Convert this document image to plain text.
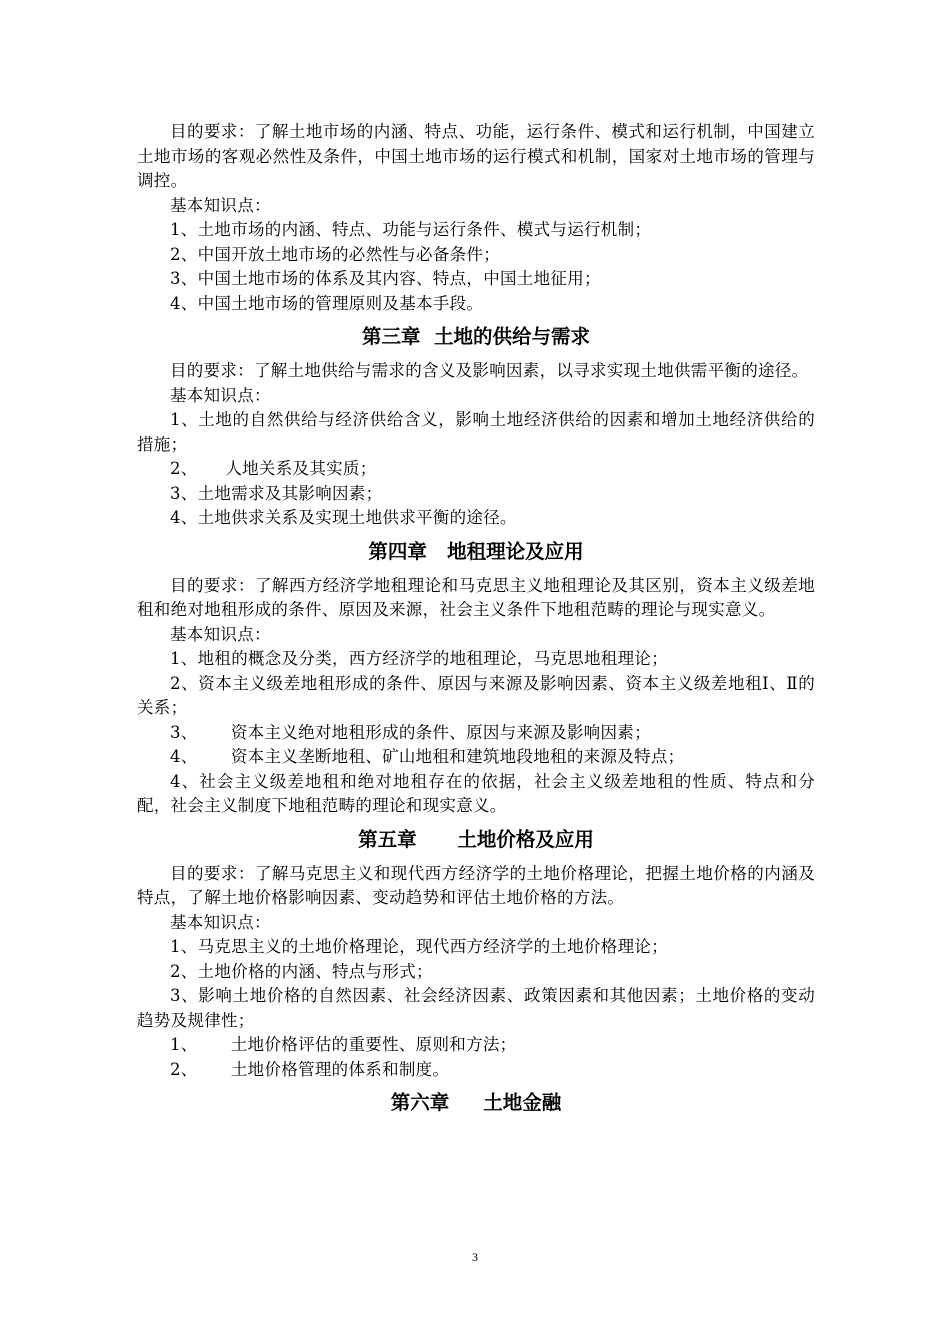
目的要求：了解土地市场的内涵、特点、功能，运行条件、模式和运行机制，中国建立土地市场的客观必然性及条件，中国土地市场的运行模式和机制，国家对土地市场的管理与调控。

基本知识点：

1、土地市场的内涵、特点、功能与运行条件、模式与运行机制；

2、中国开放土地市场的必然性与必备条件；

3、中国土地市场的体系及其内容、特点，中国土地征用；

4、中国土地市场的管理原则及基本手段。

第三章  土地的供给与需求

目的要求：了解土地供给与需求的含义及影响因素，以寻求实现土地供需平衡的途径。

基本知识点：

1、土地的自然供给与经济供给含义，影响土地经济供给的因素和增加土地经济供给的措施；

2、     人地关系及其实质；

3、土地需求及其影响因素；

4、土地供求关系及实现土地供求平衡的途径。

第四章   地租理论及应用

目的要求：了解西方经济学地租理论和马克思主义地租理论及其区别，资本主义级差地租和绝对地租形成的条件、原因及来源，社会主义条件下地租范畴的理论与现实意义。

基本知识点：

1、地租的概念及分类，西方经济学的地租理论，马克思地租理论；

2、资本主义级差地租形成的条件、原因与来源及影响因素、资本主义级差地租Ⅰ、Ⅱ的关系；

3、      资本主义绝对地租形成的条件、原因与来源及影响因素；

4、      资本主义垄断地租、矿山地租和建筑地段地租的来源及特点；

4、社会主义级差地租和绝对地租存在的依据，社会主义级差地租的性质、特点和分配，社会主义制度下地租范畴的理论和现实意义。

第五章      土地价格及应用

目的要求：了解马克思主义和现代西方经济学的土地价格理论，把握土地价格的内涵及特点，了解土地价格影响因素、变动趋势和评估土地价格的方法。

基本知识点：

1、马克思主义的土地价格理论，现代西方经济学的土地价格理论；

2、土地价格的内涵、特点与形式；

3、影响土地价格的自然因素、社会经济因素、政策因素和其他因素；土地价格的变动趋势及规律性；

1、      土地价格评估的重要性、原则和方法；

2、      土地价格管理的体系和制度。

第六章     土地金融
3
